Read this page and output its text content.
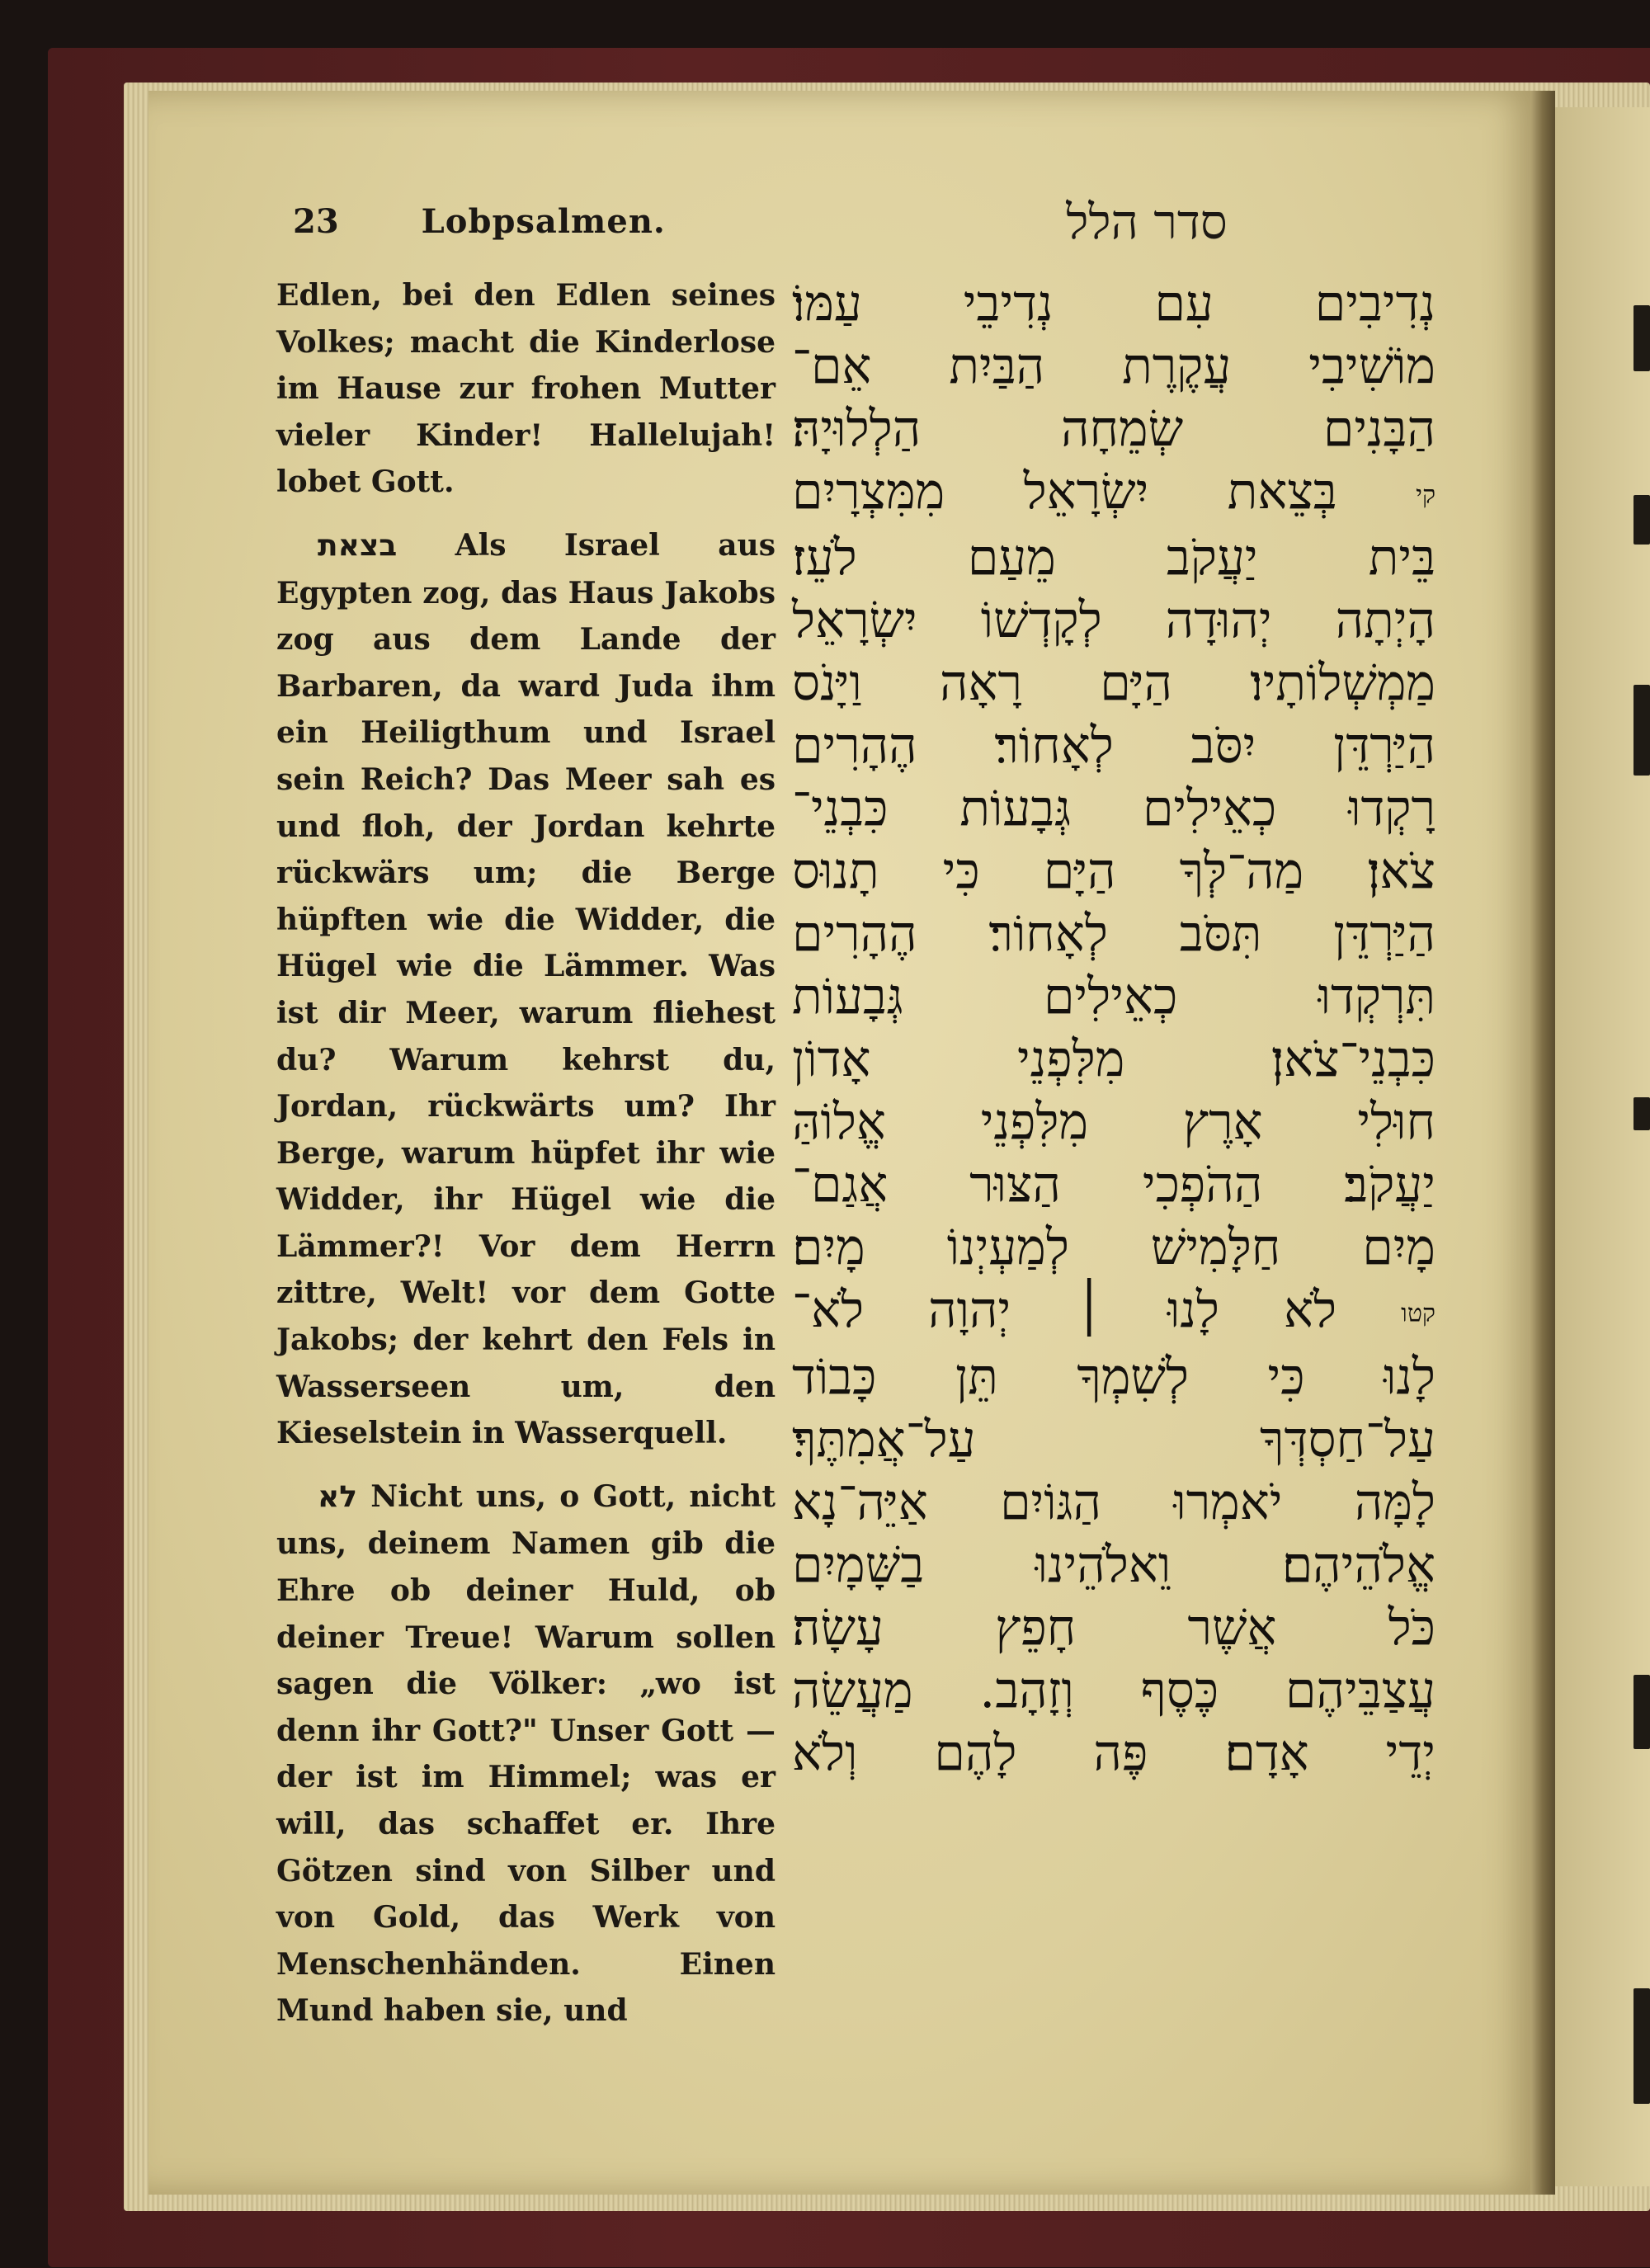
23	Lobpsalmen.	סדר הלל

Edlen, bei den Edlen seines Volkes; macht die Kinderlose im Hause zur frohen Mutter vieler Kinder! Hallelujah! lobet Gott.

בצאת Als Israel aus Egypten zog, das Haus Jakobs zog aus dem Lande der Barbaren, da ward Juda ihm ein Heiligthum und Israel sein Reich? Das Meer sah es und floh, der Jordan kehrte rückwärs um; die Berge hüpften wie die Widder, die Hügel wie die Lämmer. Was ist dir Meer, warum fliehest du? Warum kehrst du, Jordan, rückwärts um? Ihr Berge, warum hüpfet ihr wie Widder, ihr Hügel wie die Lämmer?! Vor dem Herrn zittre, Welt! vor dem Gotte Jakobs; der kehrt den Fels in Wasserseen um, den Kieselstein in Wasserquell.

לא Nicht uns, o Gott, nicht uns, deinem Namen gib die Ehre ob deiner Huld, ob deiner Treue! Warum sollen sagen die Völker: „wo ist denn ihr Gott?" Unser Gott — der ist im Himmel; was er will, das schaffet er. Ihre Götzen sind von Silber und von Gold, das Werk von Menschenhänden. Einen Mund haben sie, und

נְדִיבִים עִם נְדִיבֵי עַמּוֹ׃
מוֹשִׁיבִי עֲקֶרֶת הַבַּיִת אֵם־
הַבָּנִים שְׂמֵחָה הַלְלוּיָהּ׃
קי בְּצֵאת יִשְׂרָאֵל מִמִּצְרָיִם
בֵּית יַעֲקֹב מֵעַם לֹעֵז׃
הָיְתָה יְהוּדָה לְקָדְשׁוֹ יִשְׂרָאֵל
מַמְשְׁלוֹתָיו׃ הַיָּם רָאָה וַיָּנֹס
הַיַּרְדֵּן יִסֹּב לְאָחוֹר׃ הֶהָרִים
רָקְדוּ כְאֵילִים גְּבָעוֹת כִּבְנֵי־
צֹאן׃ מַה־לְּךָ הַיָּם כִּי תָנוּס
הַיַּרְדֵּן תִּסֹּב לְאָחוֹר׃ הֶהָרִים
תִּרְקְדוּ כְאֵילִים גְּבָעוֹת
כִּבְנֵי־צֹאן׃ מִלִּפְנֵי אָדוֹן
חוּלִי אָרֶץ מִלִּפְנֵי אֱלוֹהַּ
יַעֲקֹב׃ הַהֹפְכִי הַצּוּר אֲגַם־
מָיִם חַלָּמִישׁ לְמַעְיְנוֹ מָיִם׃
קטו לֹא לָנוּ ׀ יְהוָה לֹא־
לָנוּ כִּי לְשִׁמְךָ תֵּן כָּבוֹד
עַל־חַסְדְּךָ עַל־אֲמִתֶּךָ׃
לָמָּה יֹאמְרוּ הַגּוֹיִם אַיֵּה־נָא
אֱלֹהֵיהֶם׃ וֵאלֹהֵינוּ בַשָּׁמָיִם
כֹּל אֲשֶׁר חָפֵץ עָשָׂה׃
עֲצַבֵּיהֶם כֶּסֶף וְזָהָב. מַעֲשֵׂה
יְדֵי אָדָם׃ פֶּה לָהֶם וְלֹא
